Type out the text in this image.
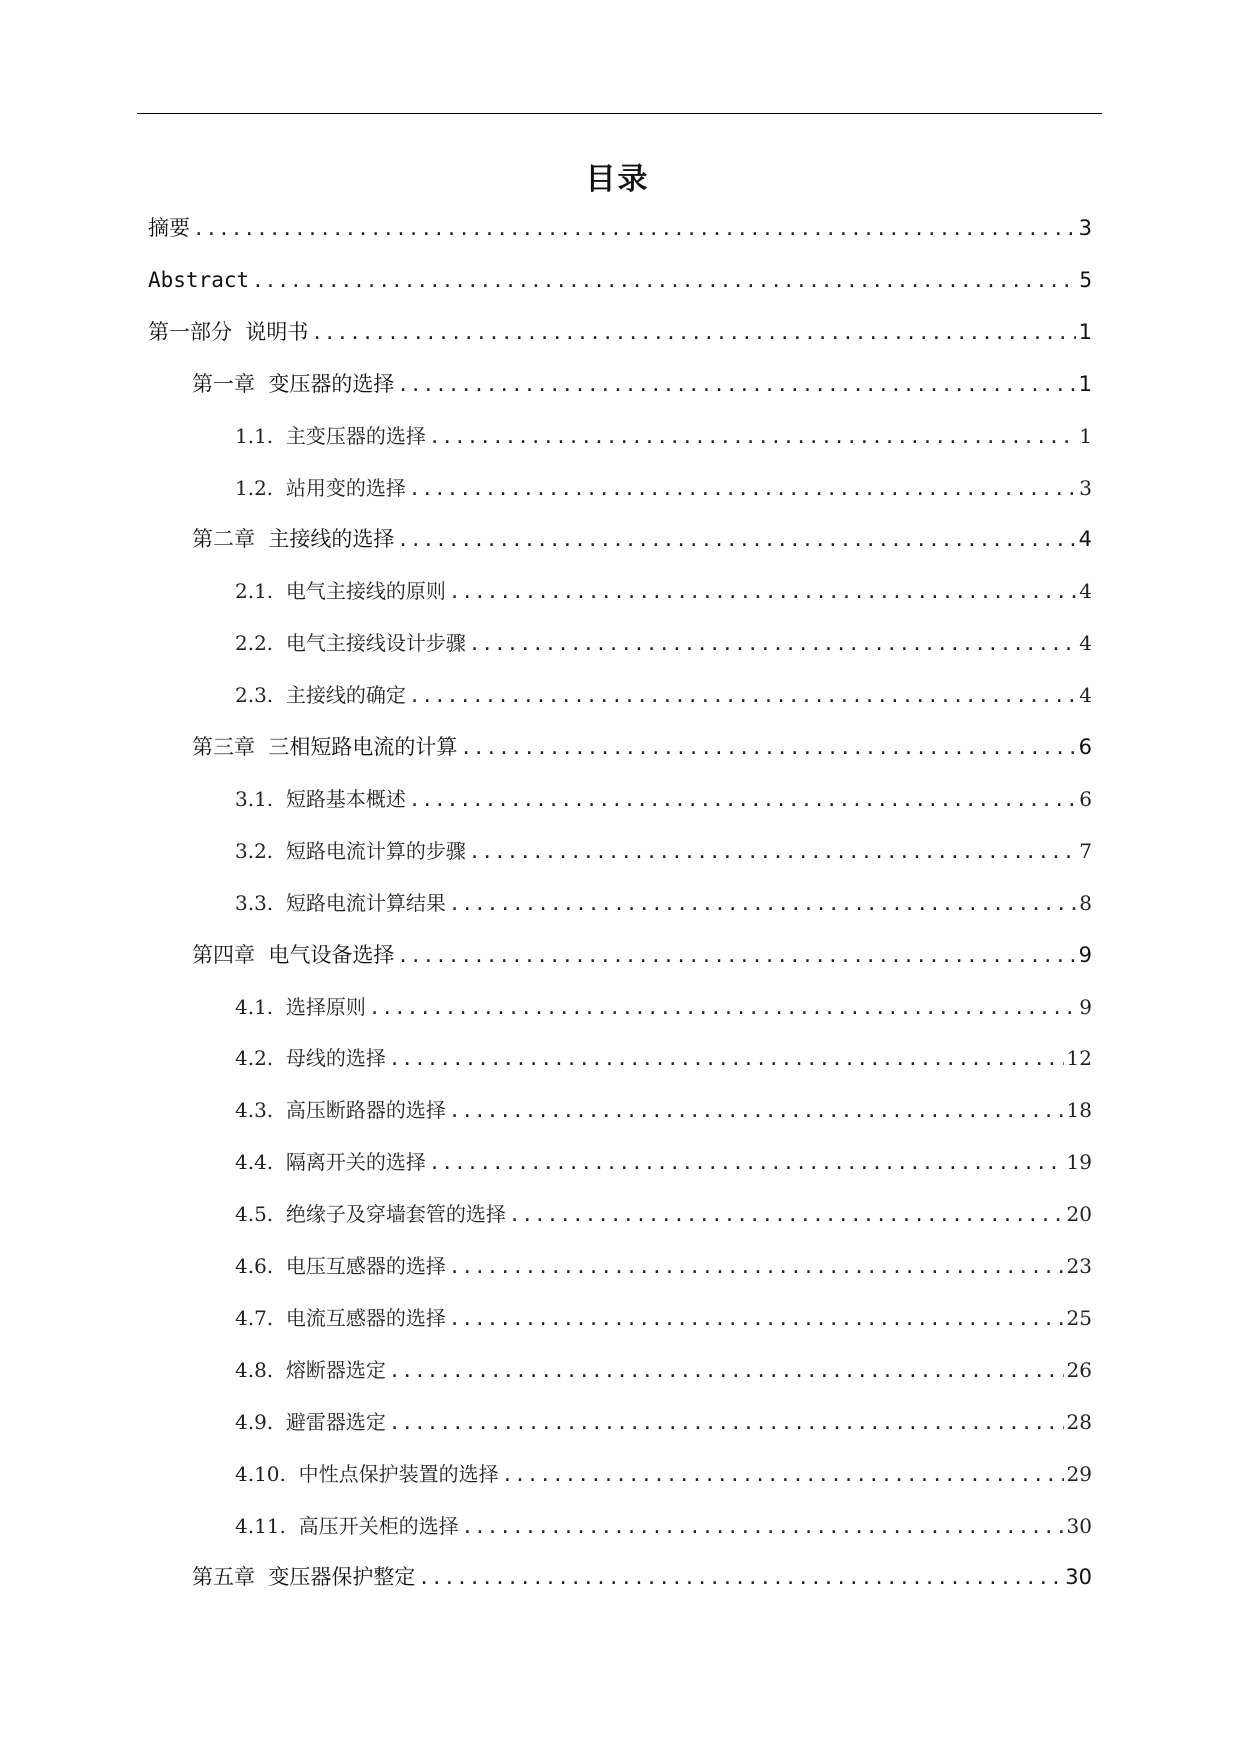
目录
摘要 .....	3
Abstract .....	5
第一部分  说明书 .....	1
第一章  变压器的选择 .....	1
1.1.  主变压器的选择 .....	1
1.2.  站用变的选择 .....	3
第二章  主接线的选择 .....	4
2.1.  电气主接线的原则 .....	4
2.2.  电气主接线设计步骤 .....	4
2.3.  主接线的确定 .....	4
第三章  三相短路电流的计算 .....	6
3.1.  短路基本概述 .....	6
3.2.  短路电流计算的步骤 .....	7
3.3.  短路电流计算结果 .....	8
第四章  电气设备选择 .....	9
4.1.  选择原则 .....	9
4.2.  母线的选择 .....	12
4.3.  高压断路器的选择 .....	18
4.4.  隔离开关的选择 .....	19
4.5.  绝缘子及穿墙套管的选择 .....	20
4.6.  电压互感器的选择 .....	23
4.7.  电流互感器的选择 .....	25
4.8.  熔断器选定 .....	26
4.9.  避雷器选定 .....	28
4.10.  中性点保护装置的选择 .....	29
4.11.  高压开关柜的选择 .....	30
第五章  变压器保护整定 .....	30
